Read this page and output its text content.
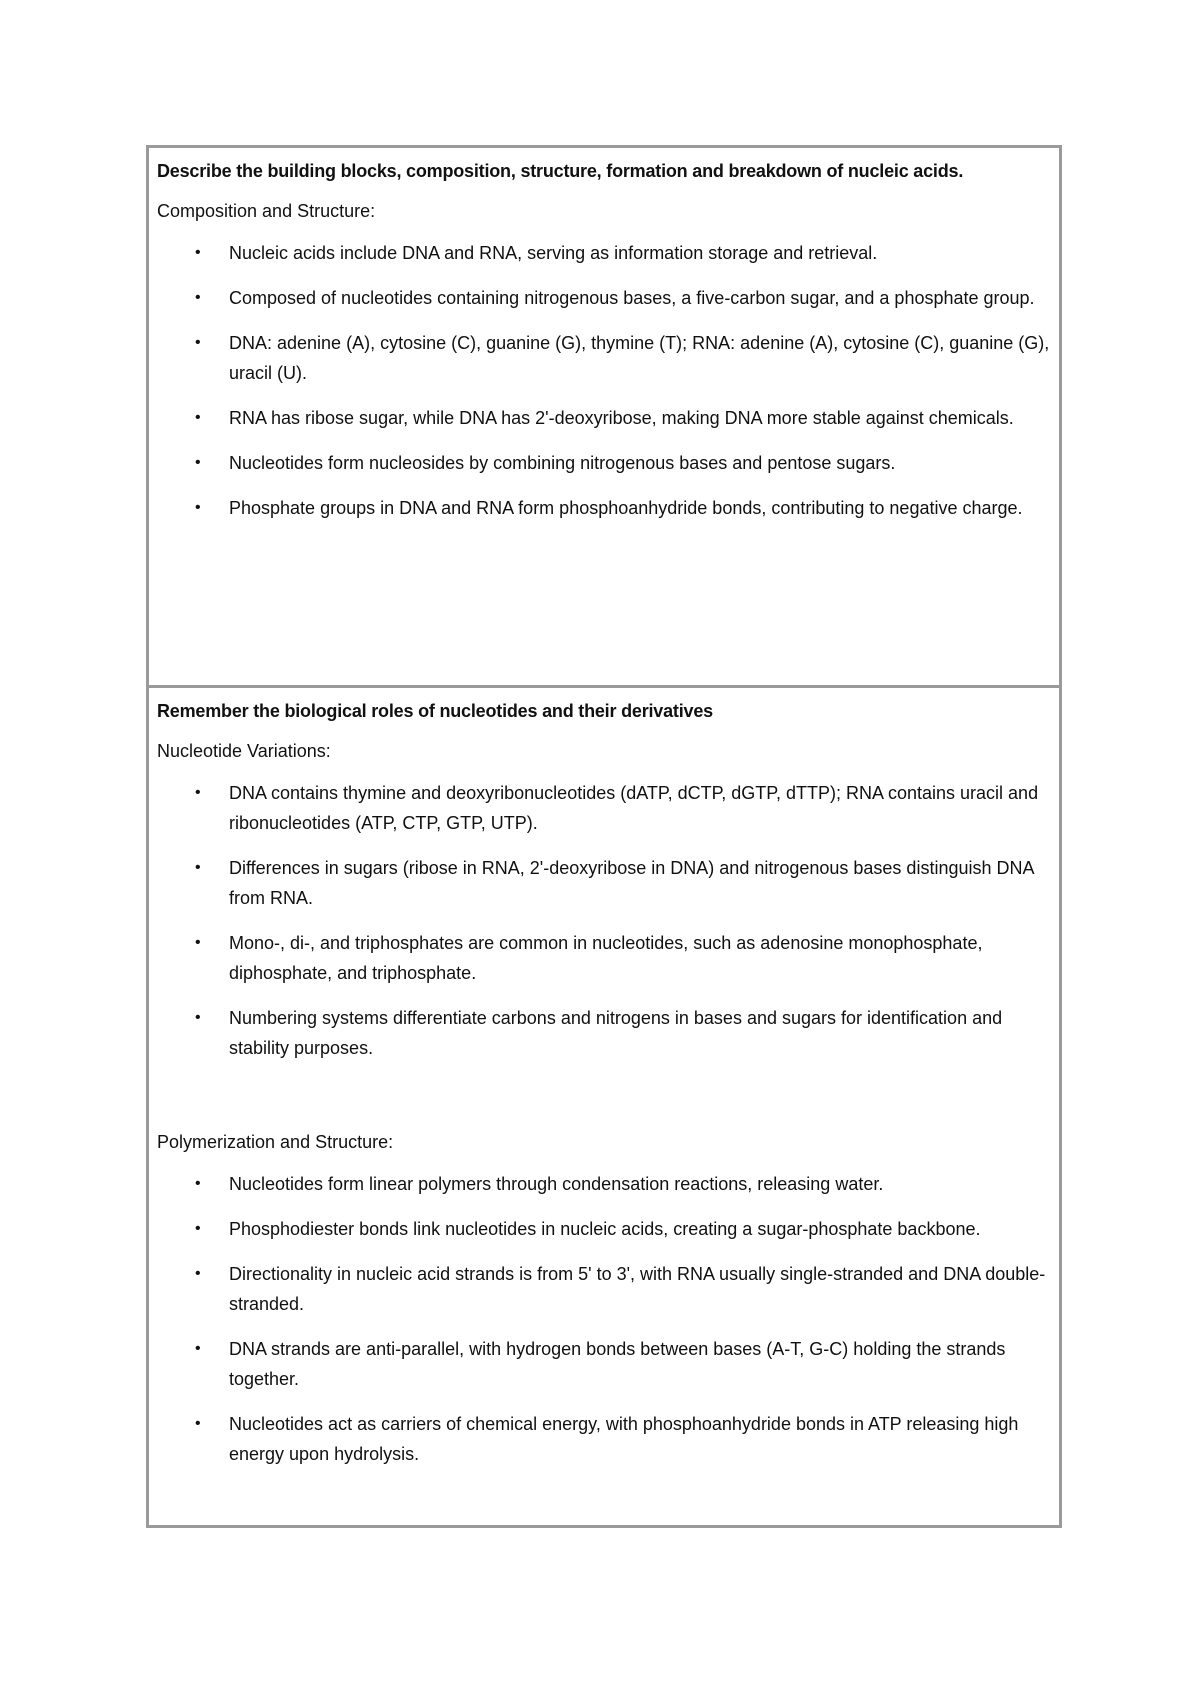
Describe the building blocks, composition, structure, formation and breakdown of nucleic acids.

Composition and Structure:

• Nucleic acids include DNA and RNA, serving as information storage and retrieval.
• Composed of nucleotides containing nitrogenous bases, a five-carbon sugar, and a phosphate group.
• DNA: adenine (A), cytosine (C), guanine (G), thymine (T); RNA: adenine (A), cytosine (C), guanine (G), uracil (U).
• RNA has ribose sugar, while DNA has 2'-deoxyribose, making DNA more stable against chemicals.
• Nucleotides form nucleosides by combining nitrogenous bases and pentose sugars.
• Phosphate groups in DNA and RNA form phosphoanhydride bonds, contributing to negative charge.

Remember the biological roles of nucleotides and their derivatives

Nucleotide Variations:

• DNA contains thymine and deoxyribonucleotides (dATP, dCTP, dGTP, dTTP); RNA contains uracil and ribonucleotides (ATP, CTP, GTP, UTP).
• Differences in sugars (ribose in RNA, 2'-deoxyribose in DNA) and nitrogenous bases distinguish DNA from RNA.
• Mono-, di-, and triphosphates are common in nucleotides, such as adenosine monophosphate, diphosphate, and triphosphate.
• Numbering systems differentiate carbons and nitrogens in bases and sugars for identification and stability purposes.

Polymerization and Structure:

• Nucleotides form linear polymers through condensation reactions, releasing water.
• Phosphodiester bonds link nucleotides in nucleic acids, creating a sugar-phosphate backbone.
• Directionality in nucleic acid strands is from 5' to 3', with RNA usually single-stranded and DNA double-stranded.
• DNA strands are anti-parallel, with hydrogen bonds between bases (A-T, G-C) holding the strands together.
• Nucleotides act as carriers of chemical energy, with phosphoanhydride bonds in ATP releasing high energy upon hydrolysis.
